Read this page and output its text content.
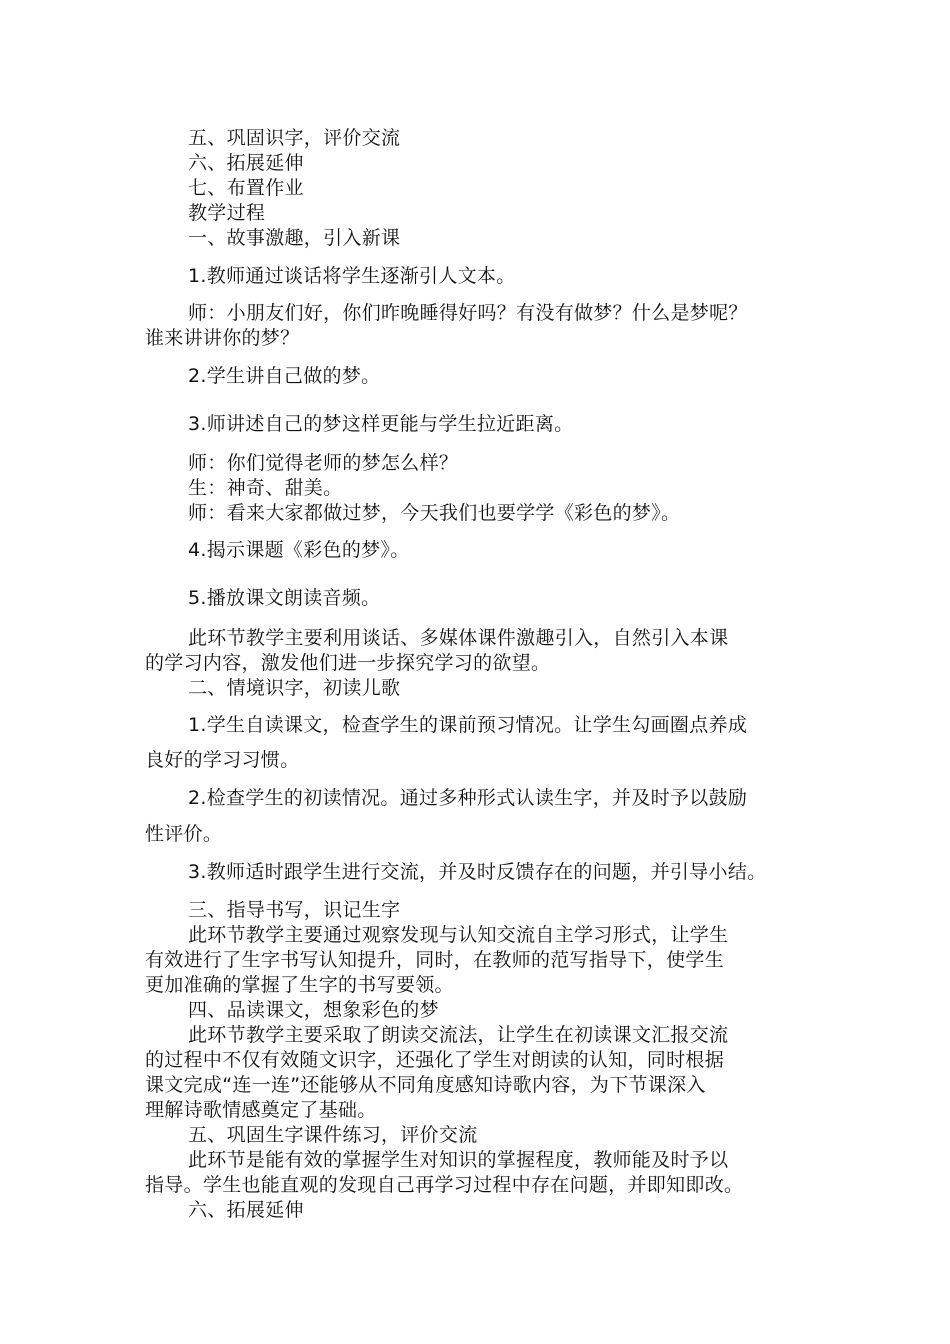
五、巩固识字，评价交流
六、拓展延伸
七、布置作业
教学过程
一、故事激趣，引入新课
1.教师通过谈话将学生逐渐引人文本。
师：小朋友们好，你们昨晚睡得好吗？有没有做梦？什么是梦呢？
谁来讲讲你的梦？
2.学生讲自己做的梦。
3.师讲述自己的梦这样更能与学生拉近距离。
师：你们觉得老师的梦怎么样？
生：神奇、甜美。
师：看来大家都做过梦，今天我们也要学学《彩色的梦》。
4.揭示课题《彩色的梦》。
5.播放课文朗读音频。
此环节教学主要利用谈话、多媒体课件激趣引入，自然引入本课
的学习内容，激发他们进一步探究学习的欲望。
二、情境识字，初读儿歌
1.学生自读课文，检查学生的课前预习情况。让学生勾画圈点养成
良好的学习习惯。
2.检查学生的初读情况。通过多种形式认读生字，并及时予以鼓励
性评价。
3.教师适时跟学生进行交流，并及时反馈存在的问题，并引导小结。
三、指导书写，识记生字
此环节教学主要通过观察发现与认知交流自主学习形式，让学生
有效进行了生字书写认知提升，同时，在教师的范写指导下，使学生
更加准确的掌握了生字的书写要领。
四、品读课文，想象彩色的梦
此环节教学主要采取了朗读交流法，让学生在初读课文汇报交流
的过程中不仅有效随文识字，还强化了学生对朗读的认知，同时根据
课文完成“连一连”还能够从不同角度感知诗歌内容，为下节课深入
理解诗歌情感奠定了基础。
五、巩固生字课件练习，评价交流
此环节是能有效的掌握学生对知识的掌握程度，教师能及时予以
指导。学生也能直观的发现自己再学习过程中存在问题，并即知即改。
六、拓展延伸
